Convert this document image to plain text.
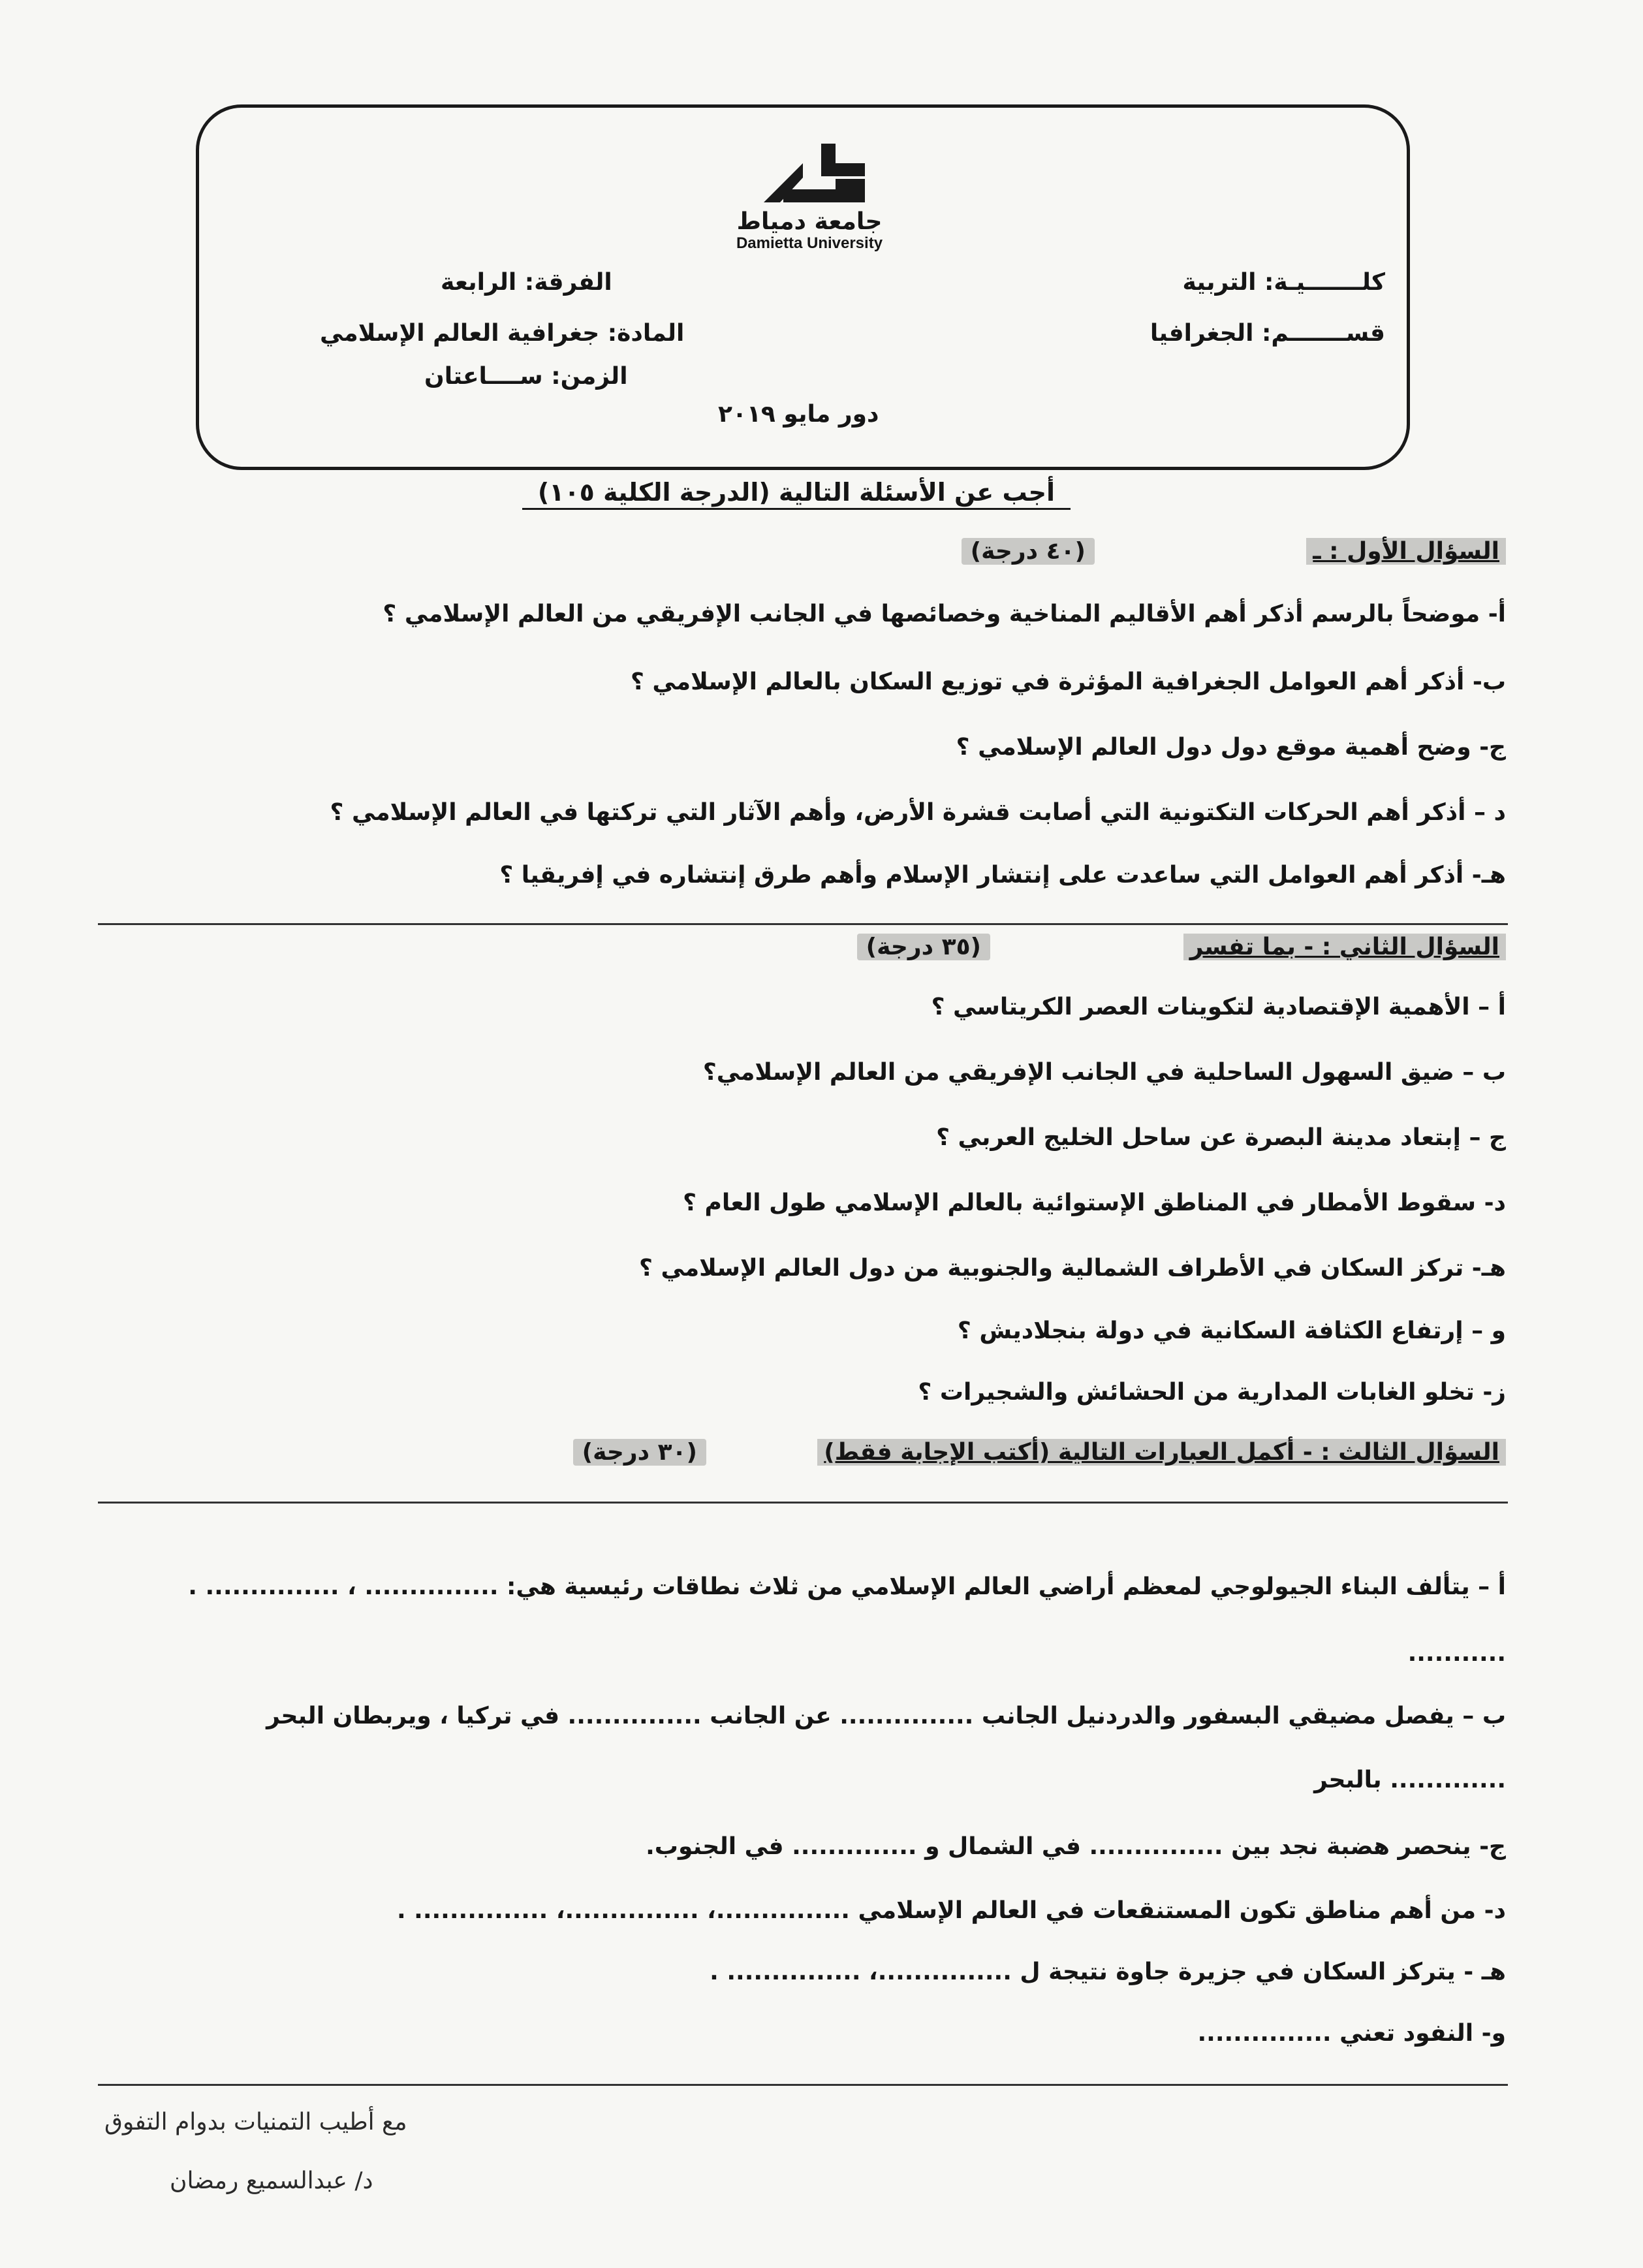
جامعة دمياط
Damietta University
كلـــــــيـة: التربية
قســـــــم: الجغرافيا
الفرقة: الرابعة
المادة: جغرافية العالم الإسلامي
الزمن: ســــاعتان
دور مايو ٢٠١٩
أجب عن الأسئلة التالية (الدرجة الكلية ١٠٥)
السؤال الأول : ـ
(٤٠ درجة)
أ- موضحاً بالرسم أذكر أهم الأقاليم المناخية وخصائصها في الجانب الإفريقي من العالم الإسلامي ؟
ب- أذكر أهم العوامل الجغرافية المؤثرة في توزيع السكان بالعالم الإسلامي ؟
ج- وضح أهمية موقع دول دول العالم الإسلامي ؟
د – أذكر أهم الحركات التكتونية التي أصابت قشرة الأرض، وأهم الآثار التي تركتها في العالم الإسلامي ؟
هـ- أذكر أهم العوامل التي ساعدت على إنتشار الإسلام وأهم طرق إنتشاره في إفريقيا ؟
السؤال الثاني : - بما تفسر
(٣٥ درجة)
أ – الأهمية الإقتصادية لتكوينات العصر الكريتاسي ؟
ب – ضيق السهول الساحلية في الجانب الإفريقي من العالم الإسلامي؟
ج – إبتعاد مدينة البصرة عن ساحل الخليج العربي ؟
د- سقوط الأمطار في المناطق الإستوائية بالعالم الإسلامي طول العام ؟
هـ- تركز السكان في الأطراف الشمالية والجنوبية من دول العالم الإسلامي ؟
و – إرتفاع الكثافة السكانية في دولة بنجلاديش ؟
ز- تخلو الغابات المدارية من الحشائش والشجيرات ؟
السؤال الثالث : - أكمل العبارات التالية (أكتب الإجابة فقط)
(٣٠ درجة)
أ – يتألف البناء الجيولوجي لمعظم أراضي العالم الإسلامي من ثلاث نطاقات رئيسية هي: ............... ، ............... .
...........
ب – يفصل مضيقي البسفور والدردنيل الجانب ............... عن الجانب ............... في تركيا ، ويربطان البحر
............. بالبحر
ج- ينحصر هضبة نجد بين ............... في الشمال و .............. في الجنوب.
د- من أهم مناطق تكون المستنقعات في العالم الإسلامي ...............، ...............، ............... .
هـ - يتركز السكان في جزيرة جاوة نتيجة ل ...............، ............... .
و- النفود تعني ...............
مع أطيب التمنيات بدوام التفوق
د/ عبدالسميع رمضان
